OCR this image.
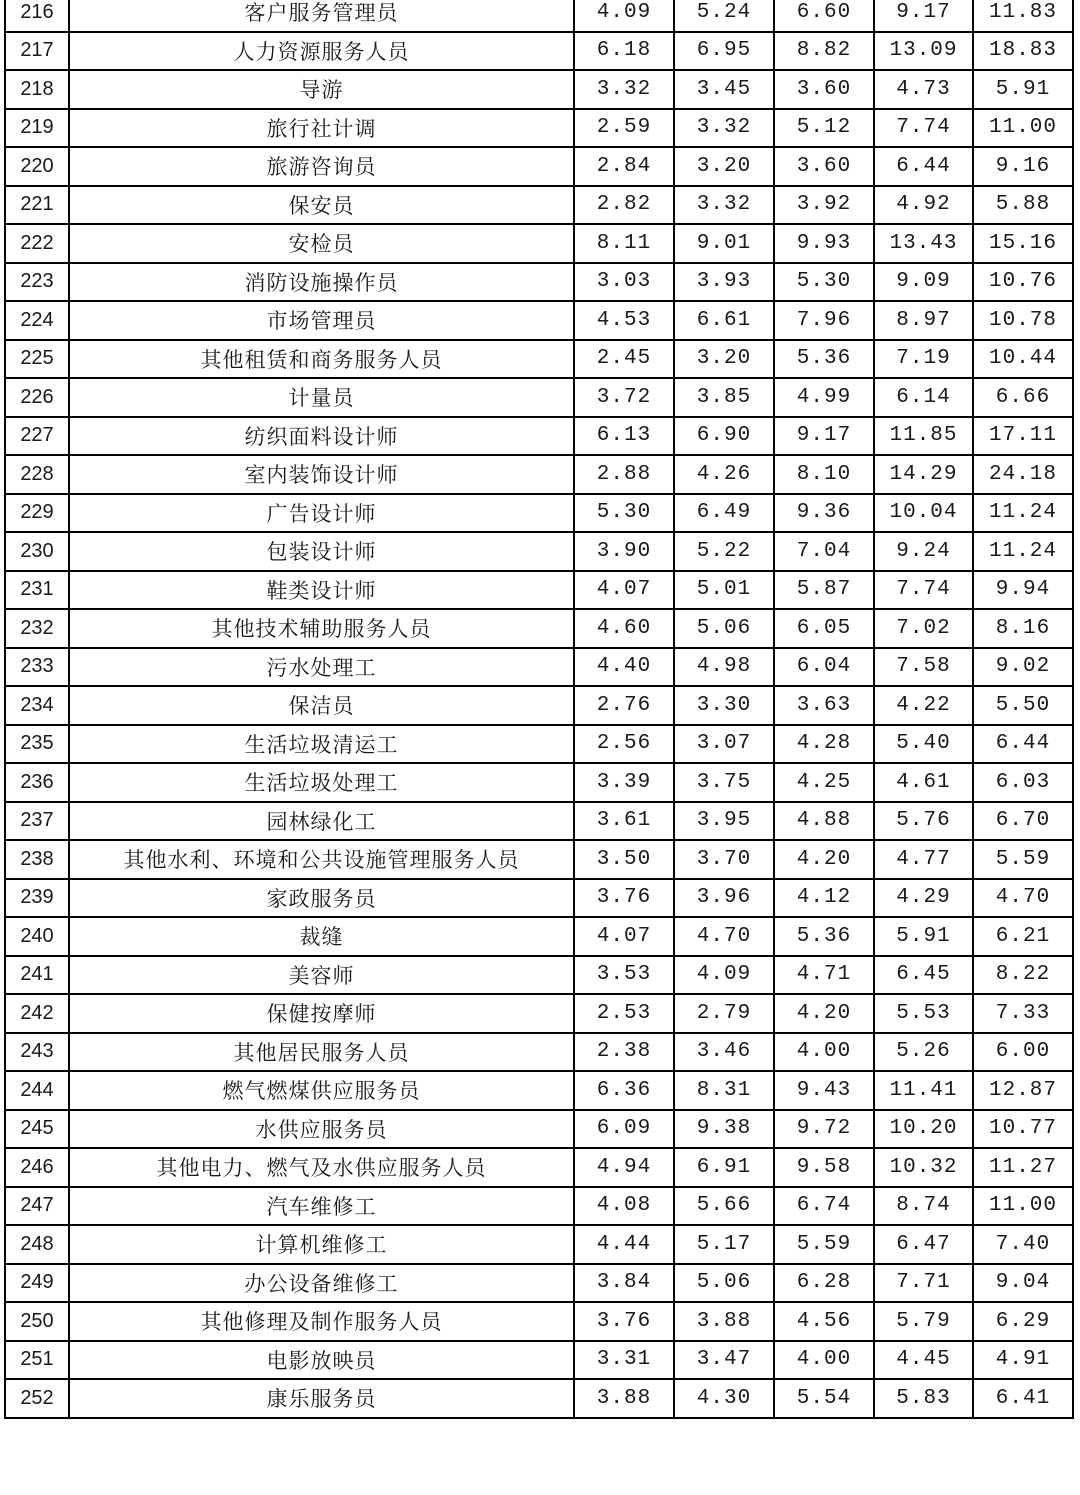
216	客户服务管理员	4.09	5.24	6.60	9.17	11.83
217	人力资源服务人员	6.18	6.95	8.82	13.09	18.83
218	导游	3.32	3.45	3.60	4.73	5.91
219	旅行社计调	2.59	3.32	5.12	7.74	11.00
220	旅游咨询员	2.84	3.20	3.60	6.44	9.16
221	保安员	2.82	3.32	3.92	4.92	5.88
222	安检员	8.11	9.01	9.93	13.43	15.16
223	消防设施操作员	3.03	3.93	5.30	9.09	10.76
224	市场管理员	4.53	6.61	7.96	8.97	10.78
225	其他租赁和商务服务人员	2.45	3.20	5.36	7.19	10.44
226	计量员	3.72	3.85	4.99	6.14	6.66
227	纺织面料设计师	6.13	6.90	9.17	11.85	17.11
228	室内装饰设计师	2.88	4.26	8.10	14.29	24.18
229	广告设计师	5.30	6.49	9.36	10.04	11.24
230	包装设计师	3.90	5.22	7.04	9.24	11.24
231	鞋类设计师	4.07	5.01	5.87	7.74	9.94
232	其他技术辅助服务人员	4.60	5.06	6.05	7.02	8.16
233	污水处理工	4.40	4.98	6.04	7.58	9.02
234	保洁员	2.76	3.30	3.63	4.22	5.50
235	生活垃圾清运工	2.56	3.07	4.28	5.40	6.44
236	生活垃圾处理工	3.39	3.75	4.25	4.61	6.03
237	园林绿化工	3.61	3.95	4.88	5.76	6.70
238	其他水利、环境和公共设施管理服务人员	3.50	3.70	4.20	4.77	5.59
239	家政服务员	3.76	3.96	4.12	4.29	4.70
240	裁缝	4.07	4.70	5.36	5.91	6.21
241	美容师	3.53	4.09	4.71	6.45	8.22
242	保健按摩师	2.53	2.79	4.20	5.53	7.33
243	其他居民服务人员	2.38	3.46	4.00	5.26	6.00
244	燃气燃煤供应服务员	6.36	8.31	9.43	11.41	12.87
245	水供应服务员	6.09	9.38	9.72	10.20	10.77
246	其他电力、燃气及水供应服务人员	4.94	6.91	9.58	10.32	11.27
247	汽车维修工	4.08	5.66	6.74	8.74	11.00
248	计算机维修工	4.44	5.17	5.59	6.47	7.40
249	办公设备维修工	3.84	5.06	6.28	7.71	9.04
250	其他修理及制作服务人员	3.76	3.88	4.56	5.79	6.29
251	电影放映员	3.31	3.47	4.00	4.45	4.91
252	康乐服务员	3.88	4.30	5.54	5.83	6.41
